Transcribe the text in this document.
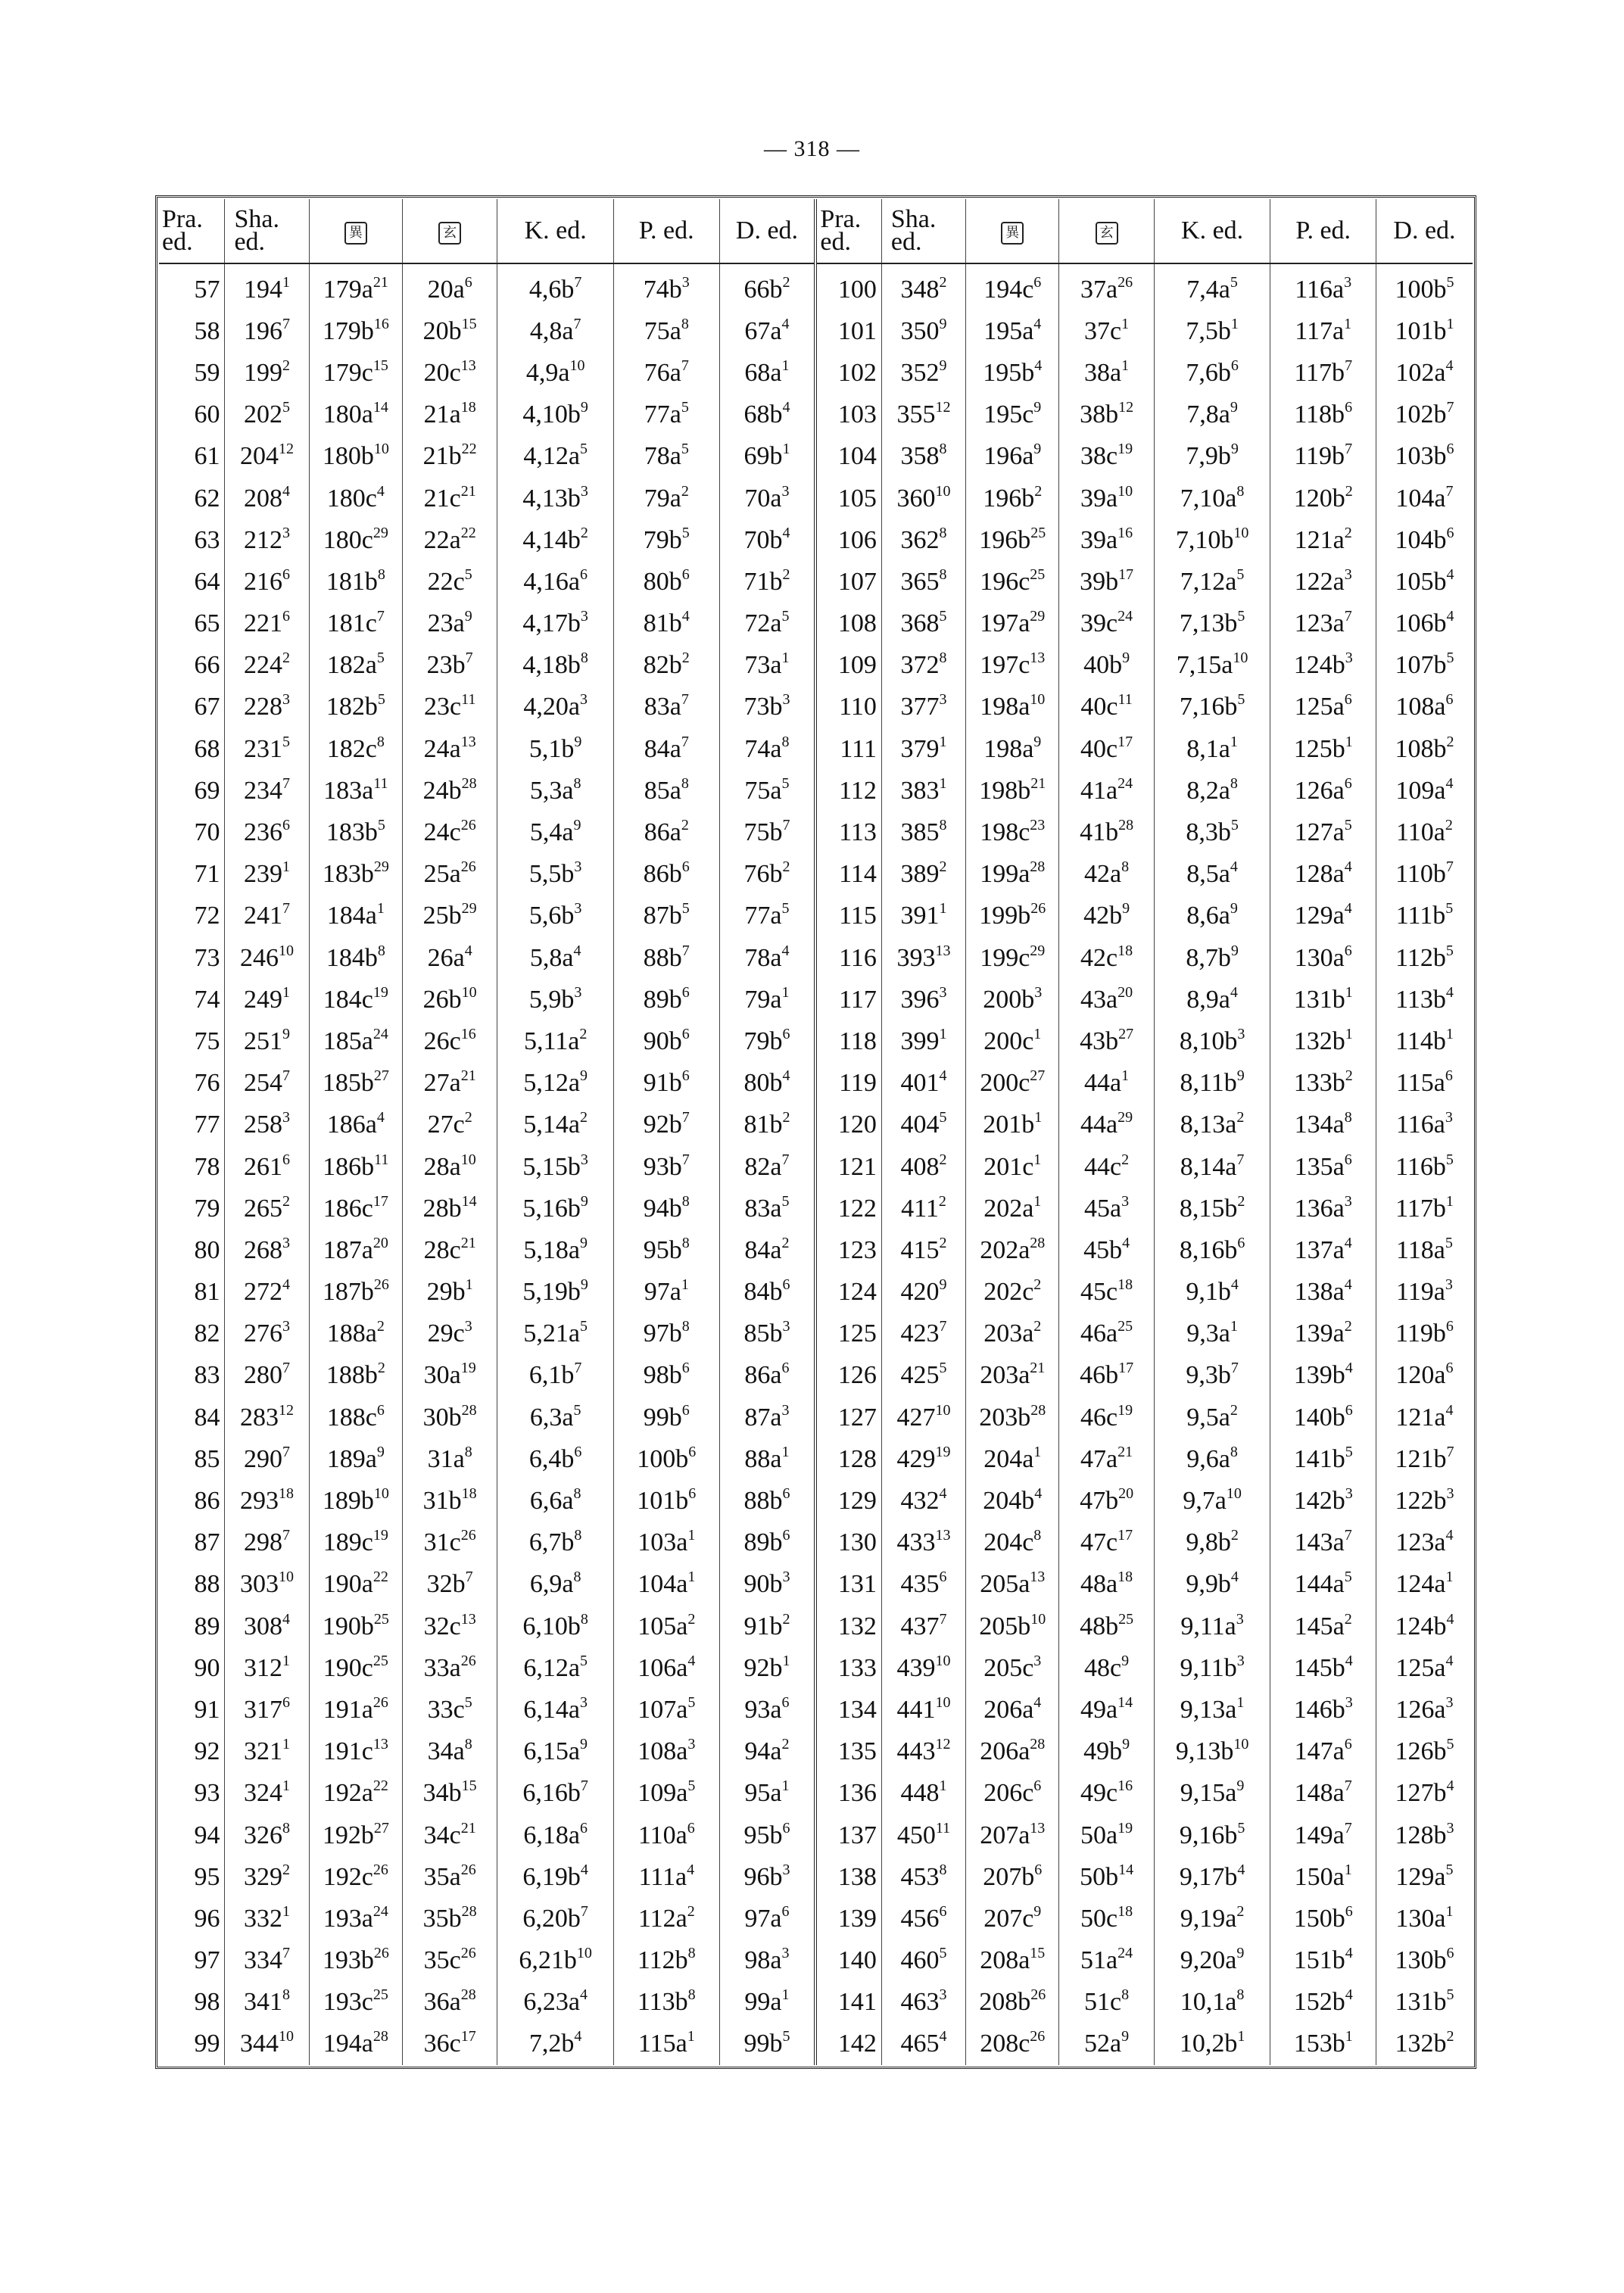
— 318 —
Pra. ed.	Sha. ed.	異	玄	K. ed.	P. ed.	D. ed.	Pra. ed.	Sha. ed.	異	玄	K. ed.	P. ed.	D. ed.
57	$194^1$	$179a^{21}$	$20a^6$	$4,6b^7$	$74b^3$	$66b^2$	100	$348^2$	$194c^6$	$37a^{26}$	$7,4a^5$	$116a^3$	$100b^5$
58	$196^7$	$179b^{16}$	$20b^{15}$	$4,8a^7$	$75a^8$	$67a^4$	101	$350^9$	$195a^4$	$37c^1$	$7,5b^1$	$117a^1$	$101b^1$
59	$199^2$	$179c^{15}$	$20c^{13}$	$4,9a^{10}$	$76a^7$	$68a^1$	102	$352^9$	$195b^4$	$38a^1$	$7,6b^6$	$117b^7$	$102a^4$
60	$202^5$	$180a^{14}$	$21a^{18}$	$4,10b^9$	$77a^5$	$68b^4$	103	$355^{12}$	$195c^9$	$38b^{12}$	$7,8a^9$	$118b^6$	$102b^7$
61	$204^{12}$	$180b^{10}$	$21b^{22}$	$4,12a^5$	$78a^5$	$69b^1$	104	$358^8$	$196a^9$	$38c^{19}$	$7,9b^9$	$119b^7$	$103b^6$
62	$208^4$	$180c^4$	$21c^{21}$	$4,13b^3$	$79a^2$	$70a^3$	105	$360^{10}$	$196b^2$	$39a^{10}$	$7,10a^8$	$120b^2$	$104a^7$
63	$212^3$	$180c^{29}$	$22a^{22}$	$4,14b^2$	$79b^5$	$70b^4$	106	$362^8$	$196b^{25}$	$39a^{16}$	$7,10b^{10}$	$121a^2$	$104b^6$
64	$216^6$	$181b^8$	$22c^5$	$4,16a^6$	$80b^6$	$71b^2$	107	$365^8$	$196c^{25}$	$39b^{17}$	$7,12a^5$	$122a^3$	$105b^4$
65	$221^6$	$181c^7$	$23a^9$	$4,17b^3$	$81b^4$	$72a^5$	108	$368^5$	$197a^{29}$	$39c^{24}$	$7,13b^5$	$123a^7$	$106b^4$
66	$224^2$	$182a^5$	$23b^7$	$4,18b^8$	$82b^2$	$73a^1$	109	$372^8$	$197c^{13}$	$40b^9$	$7,15a^{10}$	$124b^3$	$107b^5$
67	$228^3$	$182b^5$	$23c^{11}$	$4,20a^3$	$83a^7$	$73b^3$	110	$377^3$	$198a^{10}$	$40c^{11}$	$7,16b^5$	$125a^6$	$108a^6$
68	$231^5$	$182c^8$	$24a^{13}$	$5,1b^9$	$84a^7$	$74a^8$	111	$379^1$	$198a^9$	$40c^{17}$	$8,1a^1$	$125b^1$	$108b^2$
69	$234^7$	$183a^{11}$	$24b^{28}$	$5,3a^8$	$85a^8$	$75a^5$	112	$383^1$	$198b^{21}$	$41a^{24}$	$8,2a^8$	$126a^6$	$109a^4$
70	$236^6$	$183b^5$	$24c^{26}$	$5,4a^9$	$86a^2$	$75b^7$	113	$385^8$	$198c^{23}$	$41b^{28}$	$8,3b^5$	$127a^5$	$110a^2$
71	$239^1$	$183b^{29}$	$25a^{26}$	$5,5b^3$	$86b^6$	$76b^2$	114	$389^2$	$199a^{28}$	$42a^8$	$8,5a^4$	$128a^4$	$110b^7$
72	$241^7$	$184a^1$	$25b^{29}$	$5,6b^3$	$87b^5$	$77a^5$	115	$391^1$	$199b^{26}$	$42b^9$	$8,6a^9$	$129a^4$	$111b^5$
73	$246^{10}$	$184b^8$	$26a^4$	$5,8a^4$	$88b^7$	$78a^4$	116	$393^{13}$	$199c^{29}$	$42c^{18}$	$8,7b^9$	$130a^6$	$112b^5$
74	$249^1$	$184c^{19}$	$26b^{10}$	$5,9b^3$	$89b^6$	$79a^1$	117	$396^3$	$200b^3$	$43a^{20}$	$8,9a^4$	$131b^1$	$113b^4$
75	$251^9$	$185a^{24}$	$26c^{16}$	$5,11a^2$	$90b^6$	$79b^6$	118	$399^1$	$200c^1$	$43b^{27}$	$8,10b^3$	$132b^1$	$114b^1$
76	$254^7$	$185b^{27}$	$27a^{21}$	$5,12a^9$	$91b^6$	$80b^4$	119	$401^4$	$200c^{27}$	$44a^1$	$8,11b^9$	$133b^2$	$115a^6$
77	$258^3$	$186a^4$	$27c^2$	$5,14a^2$	$92b^7$	$81b^2$	120	$404^5$	$201b^1$	$44a^{29}$	$8,13a^2$	$134a^8$	$116a^3$
78	$261^6$	$186b^{11}$	$28a^{10}$	$5,15b^3$	$93b^7$	$82a^7$	121	$408^2$	$201c^1$	$44c^2$	$8,14a^7$	$135a^6$	$116b^5$
79	$265^2$	$186c^{17}$	$28b^{14}$	$5,16b^9$	$94b^8$	$83a^5$	122	$411^2$	$202a^1$	$45a^3$	$8,15b^2$	$136a^3$	$117b^1$
80	$268^3$	$187a^{20}$	$28c^{21}$	$5,18a^9$	$95b^8$	$84a^2$	123	$415^2$	$202a^{28}$	$45b^4$	$8,16b^6$	$137a^4$	$118a^5$
81	$272^4$	$187b^{26}$	$29b^1$	$5,19b^9$	$97a^1$	$84b^6$	124	$420^9$	$202c^2$	$45c^{18}$	$9,1b^4$	$138a^4$	$119a^3$
82	$276^3$	$188a^2$	$29c^3$	$5,21a^5$	$97b^8$	$85b^3$	125	$423^7$	$203a^2$	$46a^{25}$	$9,3a^1$	$139a^2$	$119b^6$
83	$280^7$	$188b^2$	$30a^{19}$	$6,1b^7$	$98b^6$	$86a^6$	126	$425^5$	$203a^{21}$	$46b^{17}$	$9,3b^7$	$139b^4$	$120a^6$
84	$283^{12}$	$188c^6$	$30b^{28}$	$6,3a^5$	$99b^6$	$87a^3$	127	$427^{10}$	$203b^{28}$	$46c^{19}$	$9,5a^2$	$140b^6$	$121a^4$
85	$290^7$	$189a^9$	$31a^8$	$6,4b^6$	$100b^6$	$88a^1$	128	$429^{19}$	$204a^1$	$47a^{21}$	$9,6a^8$	$141b^5$	$121b^7$
86	$293^{18}$	$189b^{10}$	$31b^{18}$	$6,6a^8$	$101b^6$	$88b^6$	129	$432^4$	$204b^4$	$47b^{20}$	$9,7a^{10}$	$142b^3$	$122b^3$
87	$298^7$	$189c^{19}$	$31c^{26}$	$6,7b^8$	$103a^1$	$89b^6$	130	$433^{13}$	$204c^8$	$47c^{17}$	$9,8b^2$	$143a^7$	$123a^4$
88	$303^{10}$	$190a^{22}$	$32b^7$	$6,9a^8$	$104a^1$	$90b^3$	131	$435^6$	$205a^{13}$	$48a^{18}$	$9,9b^4$	$144a^5$	$124a^1$
89	$308^4$	$190b^{25}$	$32c^{13}$	$6,10b^8$	$105a^2$	$91b^2$	132	$437^7$	$205b^{10}$	$48b^{25}$	$9,11a^3$	$145a^2$	$124b^4$
90	$312^1$	$190c^{25}$	$33a^{26}$	$6,12a^5$	$106a^4$	$92b^1$	133	$439^{10}$	$205c^3$	$48c^9$	$9,11b^3$	$145b^4$	$125a^4$
91	$317^6$	$191a^{26}$	$33c^5$	$6,14a^3$	$107a^5$	$93a^6$	134	$441^{10}$	$206a^4$	$49a^{14}$	$9,13a^1$	$146b^3$	$126a^3$
92	$321^1$	$191c^{13}$	$34a^8$	$6,15a^9$	$108a^3$	$94a^2$	135	$443^{12}$	$206a^{28}$	$49b^9$	$9,13b^{10}$	$147a^6$	$126b^5$
93	$324^1$	$192a^{22}$	$34b^{15}$	$6,16b^7$	$109a^5$	$95a^1$	136	$448^1$	$206c^6$	$49c^{16}$	$9,15a^9$	$148a^7$	$127b^4$
94	$326^8$	$192b^{27}$	$34c^{21}$	$6,18a^6$	$110a^6$	$95b^6$	137	$450^{11}$	$207a^{13}$	$50a^{19}$	$9,16b^5$	$149a^7$	$128b^3$
95	$329^2$	$192c^{26}$	$35a^{26}$	$6,19b^4$	$111a^4$	$96b^3$	138	$453^8$	$207b^6$	$50b^{14}$	$9,17b^4$	$150a^1$	$129a^5$
96	$332^1$	$193a^{24}$	$35b^{28}$	$6,20b^7$	$112a^2$	$97a^6$	139	$456^6$	$207c^9$	$50c^{18}$	$9,19a^2$	$150b^6$	$130a^1$
97	$334^7$	$193b^{26}$	$35c^{26}$	$6,21b^{10}$	$112b^8$	$98a^3$	140	$460^5$	$208a^{15}$	$51a^{24}$	$9,20a^9$	$151b^4$	$130b^6$
98	$341^8$	$193c^{25}$	$36a^{28}$	$6,23a^4$	$113b^8$	$99a^1$	141	$463^3$	$208b^{26}$	$51c^8$	$10,1a^8$	$152b^4$	$131b^5$
99	$344^{10}$	$194a^{28}$	$36c^{17}$	$7,2b^4$	$115a^1$	$99b^5$	142	$465^4$	$208c^{26}$	$52a^9$	$10,2b^1$	$153b^1$	$132b^2$
